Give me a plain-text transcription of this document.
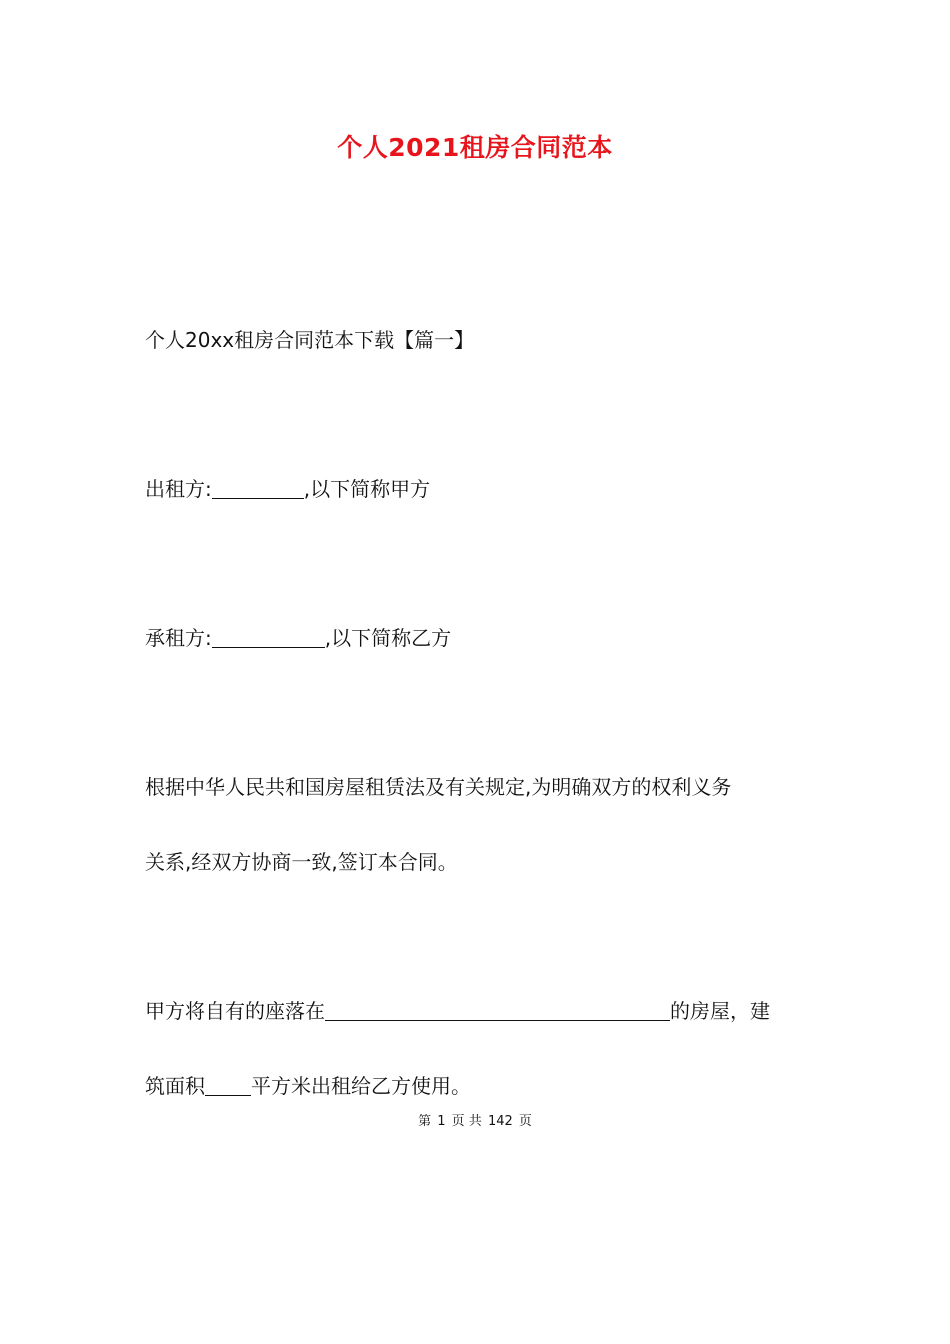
个人2021租房合同范本
个人20xx租房合同范本下载【篇一】
出租方:	,以下简称甲方
承租方:	,以下简称乙方
根据中华人民共和国房屋租赁法及有关规定,为明确双方的权利义务
关系,经双方协商一致,签订本合同。
甲方将自有的座落在	的房屋，建
筑面积 平方米出租给乙方使用。
第 1 页 共 142 页
